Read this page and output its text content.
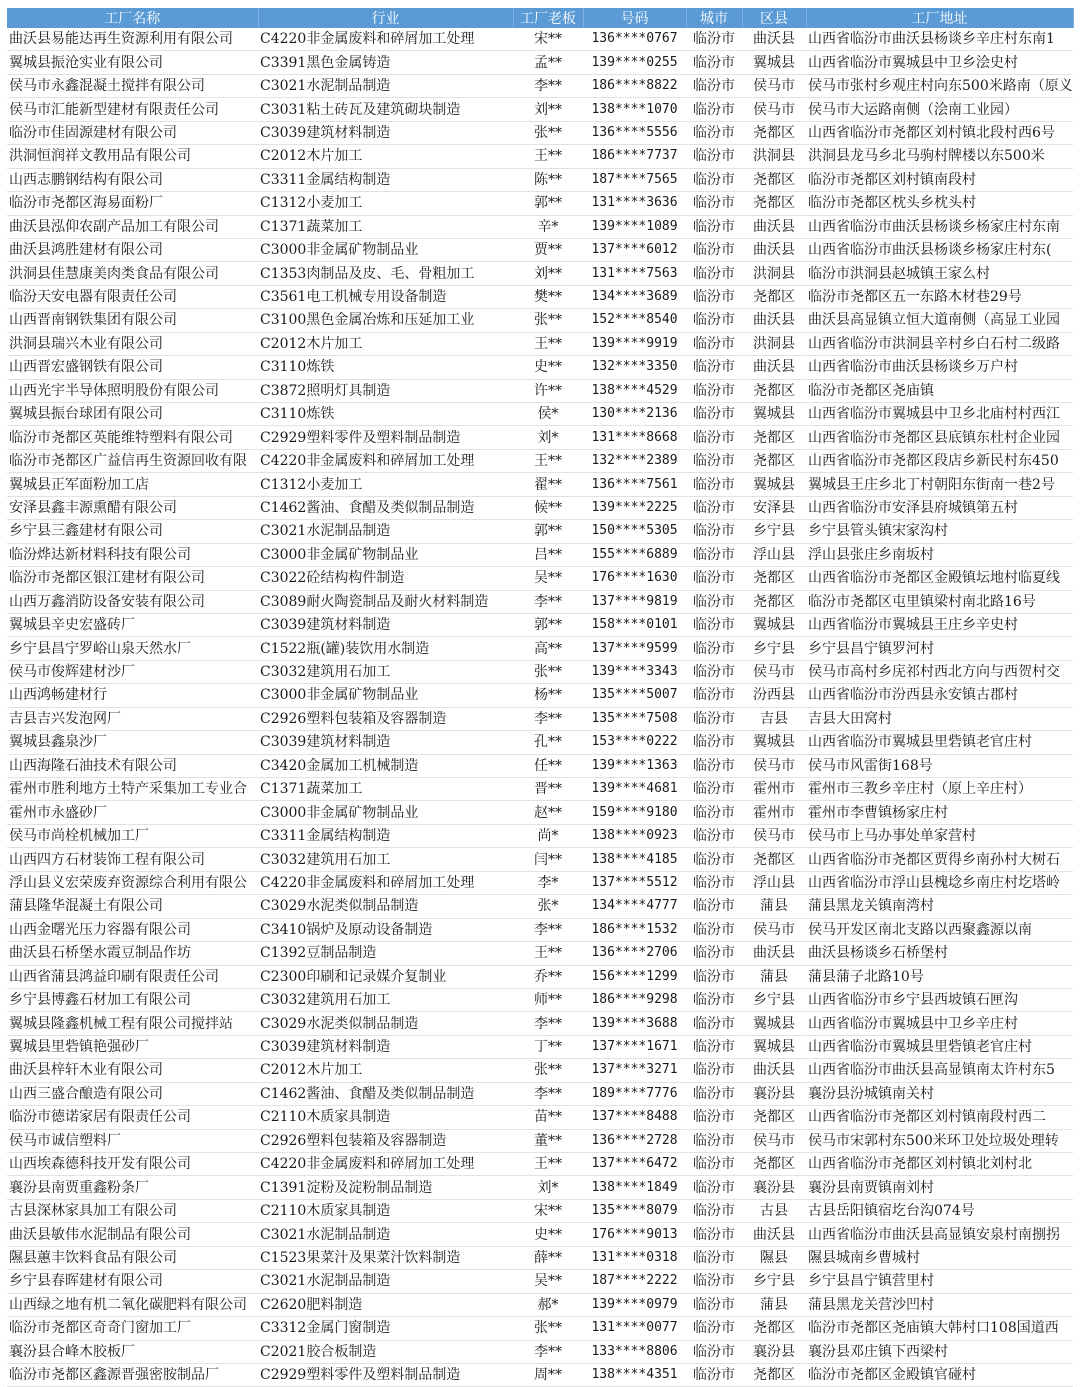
工厂名称	行业	工厂老板	号码	城市	区县	工厂地址
曲沃县易能达再生资源利用有限公司	C4220非金属废料和碎屑加工处理	宋**	136****0767	临汾市	曲沃县	山西省临汾市曲沃县杨谈乡辛庄村东南1
翼城县振沧实业有限公司	C3391黑色金属铸造	孟**	139****0255	临汾市	翼城县	山西省临汾市翼城县中卫乡浍史村
侯马市永鑫混凝土搅拌有限公司	C3021水泥制品制造	李**	186****8822	临汾市	侯马市	侯马市张村乡观庄村向东500米路南（原义
侯马市汇能新型建材有限责任公司	C3031粘土砖瓦及建筑砌块制造	刘**	138****1070	临汾市	侯马市	侯马市大运路南侧（浍南工业园）
临汾市佳固源建材有限公司	C3039建筑材料制造	张**	136****5556	临汾市	尧都区	山西省临汾市尧都区刘村镇北段村西6号
洪洞恒润祥文教用品有限公司	C2012木片加工	王**	186****7737	临汾市	洪洞县	洪洞县龙马乡北马驹村牌楼以东500米
山西志鹏钢结构有限公司	C3311金属结构制造	陈**	187****7565	临汾市	尧都区	临汾市尧都区刘村镇南段村
临汾市尧都区海易面粉厂	C1312小麦加工	郭**	131****3636	临汾市	尧都区	临汾市尧都区枕头乡枕头村
曲沃县泓仰农副产品加工有限公司	C1371蔬菜加工	辛*	139****1089	临汾市	曲沃县	山西省临汾市曲沃县杨谈乡杨家庄村东南
曲沃县鸿胜建材有限公司	C3000非金属矿物制品业	贾**	137****6012	临汾市	曲沃县	山西省临汾市曲沃县杨谈乡杨家庄村东(
洪洞县佳慧康美肉类食品有限公司	C1353肉制品及皮、毛、骨粗加工	刘**	131****7563	临汾市	洪洞县	临汾市洪洞县赵城镇王家么村
临汾天安电器有限责任公司	C3561电工机械专用设备制造	樊**	134****3689	临汾市	尧都区	临汾市尧都区五一东路木材巷29号
山西晋南钢铁集团有限公司	C3100黑色金属冶炼和压延加工业	张**	152****8540	临汾市	曲沃县	曲沃县高显镇立恒大道南侧（高显工业园
洪洞县瑞兴木业有限公司	C2012木片加工	王**	139****9919	临汾市	洪洞县	山西省临汾市洪洞县辛村乡白石村二级路
山西晋宏盛钢铁有限公司	C3110炼铁	史**	132****3350	临汾市	曲沃县	山西省临汾市曲沃县杨谈乡万户村
山西光宇半导体照明股份有限公司	C3872照明灯具制造	许**	138****4529	临汾市	尧都区	临汾市尧都区尧庙镇
翼城县振台球团有限公司	C3110炼铁	侯*	130****2136	临汾市	翼城县	山西省临汾市翼城县中卫乡北庙村村西江
临汾市尧都区英能维特塑料有限公司	C2929塑料零件及塑料制品制造	刘*	131****8668	临汾市	尧都区	山西省临汾市尧都区县底镇东杜村企业园
临汾市尧都区广益信再生资源回收有限	C4220非金属废料和碎屑加工处理	王**	132****2389	临汾市	尧都区	山西省临汾市尧都区段店乡新民村东450
翼城县正军面粉加工店	C1312小麦加工	翟**	136****7561	临汾市	翼城县	翼城县王庄乡北丁村朝阳东街南一巷2号
安泽县鑫丰源熏醋有限公司	C1462酱油、食醋及类似制品制造	候**	139****2225	临汾市	安泽县	山西省临汾市安泽县府城镇第五村
乡宁县三鑫建材有限公司	C3021水泥制品制造	郭**	150****5305	临汾市	乡宁县	乡宁县管头镇宋家沟村
临汾烨达新材料科技有限公司	C3000非金属矿物制品业	吕**	155****6889	临汾市	浮山县	浮山县张庄乡南坂村
临汾市尧都区银江建材有限公司	C3022砼结构构件制造	吴**	176****1630	临汾市	尧都区	山西省临汾市尧都区金殿镇坛地村临夏线
山西万鑫消防设备安装有限公司	C3089耐火陶瓷制品及耐火材料制造	李**	137****9819	临汾市	尧都区	临汾市尧都区屯里镇梁村南北路16号
翼城县辛史宏盛砖厂	C3039建筑材料制造	郭**	158****0101	临汾市	翼城县	山西省临汾市翼城县王庄乡辛史村
乡宁县昌宁罗峪山泉天然水厂	C1522瓶(罐)装饮用水制造	高**	137****9599	临汾市	乡宁县	乡宁县昌宁镇罗河村
侯马市俊辉建材沙厂	C3032建筑用石加工	张**	139****3343	临汾市	侯马市	侯马市高村乡庑祁村西北方向与西贺村交
山西鸿畅建材行	C3000非金属矿物制品业	杨**	135****5007	临汾市	汾西县	山西省临汾市汾西县永安镇古郡村
吉县吉兴发泡网厂	C2926塑料包装箱及容器制造	李**	135****7508	临汾市	吉县	吉县大田窝村
翼城县鑫泉沙厂	C3039建筑材料制造	孔**	153****0222	临汾市	翼城县	山西省临汾市翼城县里砦镇老官庄村
山西海隆石油技术有限公司	C3420金属加工机械制造	任**	139****1363	临汾市	侯马市	侯马市风雷街168号
霍州市胜利地方土特产采集加工专业合	C1371蔬菜加工	晋**	139****4681	临汾市	霍州市	霍州市三教乡辛庄村（原上辛庄村）
霍州市永盛砂厂	C3000非金属矿物制品业	赵**	159****9180	临汾市	霍州市	霍州市李曹镇杨家庄村
侯马市尚栓机械加工厂	C3311金属结构制造	尚*	138****0923	临汾市	侯马市	侯马市上马办事处单家营村
山西四方石材装饰工程有限公司	C3032建筑用石加工	闫**	138****4185	临汾市	尧都区	山西省临汾市尧都区贾得乡南孙村大树石
浮山县义宏荣废弃资源综合利用有限公	C4220非金属废料和碎屑加工处理	李*	137****5512	临汾市	浮山县	山西省临汾市浮山县槐埝乡南庄村圪塔岭
蒲县隆华混凝土有限公司	C3029水泥类似制品制造	张*	134****4777	临汾市	蒲县	蒲县黑龙关镇南湾村
山西金曙光压力容器有限公司	C3410锅炉及原动设备制造	李**	186****1532	临汾市	侯马市	侯马开发区南北支路以西聚鑫源以南
曲沃县石桥堡水霞豆制品作坊	C1392豆制品制造	王**	136****2706	临汾市	曲沃县	曲沃县杨谈乡石桥堡村
山西省蒲县鸿益印刷有限责任公司	C2300印刷和记录媒介复制业	乔**	156****1299	临汾市	蒲县	蒲县蒲子北路10号
乡宁县博鑫石材加工有限公司	C3032建筑用石加工	师**	186****9298	临汾市	乡宁县	山西省临汾市乡宁县西坡镇石匣沟
翼城县隆鑫机械工程有限公司搅拌站	C3029水泥类似制品制造	李**	139****3688	临汾市	翼城县	山西省临汾市翼城县中卫乡辛庄村
翼城县里砦镇艳强砂厂	C3039建筑材料制造	丁**	137****1671	临汾市	翼城县	山西省临汾市翼城县里砦镇老官庄村
曲沃县梓轩木业有限公司	C2012木片加工	张**	137****3271	临汾市	曲沃县	山西省临汾市曲沃县高显镇南太许村东5
山西三盛合酿造有限公司	C1462酱油、食醋及类似制品制造	李**	189****7776	临汾市	襄汾县	襄汾县汾城镇南关村
临汾市德诺家居有限责任公司	C2110木质家具制造	苗**	137****8488	临汾市	尧都区	山西省临汾市尧都区刘村镇南段村西二
侯马市诚信塑料厂	C2926塑料包装箱及容器制造	董**	136****2728	临汾市	侯马市	侯马市宋郭村东500米环卫处垃圾处理转
山西埃森德科技开发有限公司	C4220非金属废料和碎屑加工处理	王**	137****6472	临汾市	尧都区	山西省临汾市尧都区刘村镇北刘村北
襄汾县南贾重鑫粉条厂	C1391淀粉及淀粉制品制造	刘*	138****1849	临汾市	襄汾县	襄汾县南贾镇南刘村
古县深林家具加工有限公司	C2110木质家具制造	宋**	135****8079	临汾市	古县	古县岳阳镇宿圪台沟074号
曲沃县敏伟水泥制品有限公司	C3021水泥制品制造	史**	176****9013	临汾市	曲沃县	山西省临汾市曲沃县高显镇安泉村南捌拐
隰县蕙丰饮料食品有限公司	C1523果菜汁及果菜汁饮料制造	薛**	131****0318	临汾市	隰县	隰县城南乡曹城村
乡宁县春晖建材有限公司	C3021水泥制品制造	吴**	187****2222	临汾市	乡宁县	乡宁县昌宁镇营里村
山西绿之地有机二氧化碳肥料有限公司	C2620肥料制造	郝*	139****0979	临汾市	蒲县	蒲县黑龙关营沙凹村
临汾市尧都区奇奇门窗加工厂	C3312金属门窗制造	张**	131****0077	临汾市	尧都区	临汾市尧都区尧庙镇大韩村口108国道西
襄汾县合峰木胶板厂	C2021胶合板制造	李**	133****8806	临汾市	襄汾县	襄汾县邓庄镇下西梁村
临汾市尧都区鑫源晋强密胺制品厂	C2929塑料零件及塑料制品制造	周**	138****4351	临汾市	尧都区	临汾市尧都区金殿镇官碰村
